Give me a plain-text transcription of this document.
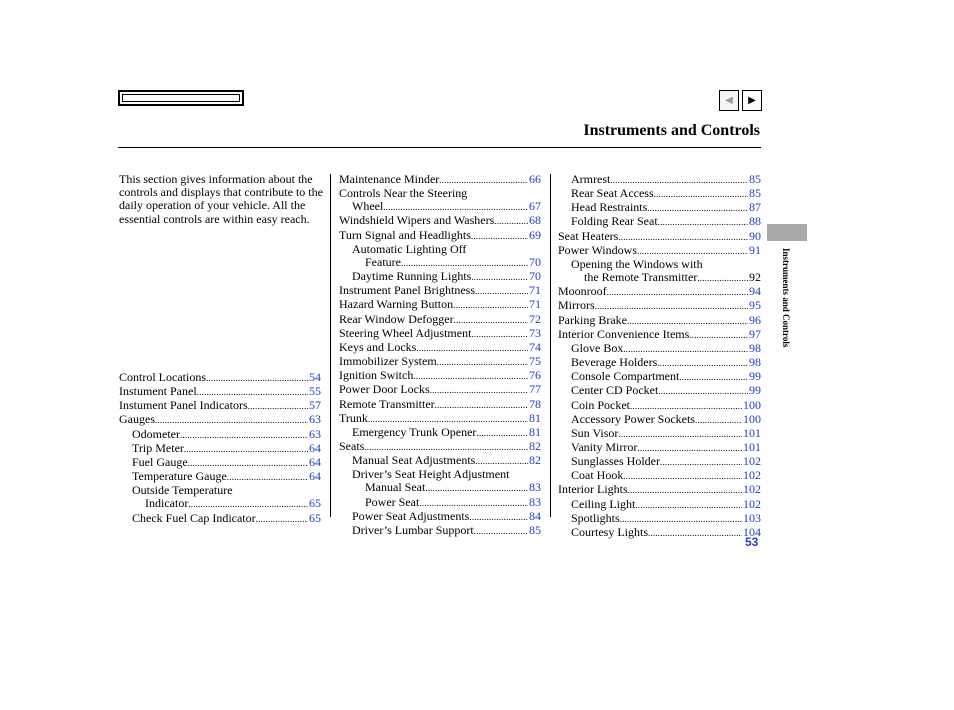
◀	▶
Instruments and Controls
Instruments and Controls
This section gives information about the controls and displays that contribute to the daily operation of your vehicle. All the essential controls are within easy reach.
Control Locations .....	54
Instument Panel .....	55
Instument Panel Indicators .....	57
Gauges .....	63
Odometer .....	63
Trip Meter .....	64
Fuel Gauge .....	64
Temperature Gauge .....	64
Outside Temperature
Indicator .....	65
Check Fuel Cap Indicator .....	65
Maintenance Minder .....	66
Controls Near the Steering
Wheel .....	67
Windshield Wipers and Washers .....	68
Turn Signal and Headlights .....	69
Automatic Lighting Off
Feature .....	70
Daytime Running Lights .....	70
Instrument Panel Brightness .....	71
Hazard Warning Button .....	71
Rear Window Defogger .....	72
Steering Wheel Adjustment .....	73
Keys and Locks .....	74
Immobilizer System .....	75
Ignition Switch .....	76
Power Door Locks .....	77
Remote Transmitter .....	78
Trunk .....	81
Emergency Trunk Opener .....	81
Seats .....	82
Manual Seat Adjustments .....	82
Driver’s Seat Height Adjustment
Manual Seat .....	83
Power Seat .....	83
Power Seat Adjustments .....	84
Driver’s Lumbar Support .....	85
Armrest .....	85
Rear Seat Access .....	85
Head Restraints .....	87
Folding Rear Seat .....	88
Seat Heaters .....	90
Power Windows .....	91
Opening the Windows with
the Remote Transmitter .....	92
Moonroof .....	94
Mirrors .....	95
Parking Brake .....	96
Interior Convenience Items .....	97
Glove Box .....	98
Beverage Holders .....	98
Console Compartment .....	99
Center CD Pocket .....	99
Coin Pocket .....	100
Accessory Power Sockets .....	100
Sun Visor .....	101
Vanity Mirror .....	101
Sunglasses Holder .....	102
Coat Hook .....	102
Interior Lights .....	102
Ceiling Light .....	102
Spotlights .....	103
Courtesy Lights .....	104
53
